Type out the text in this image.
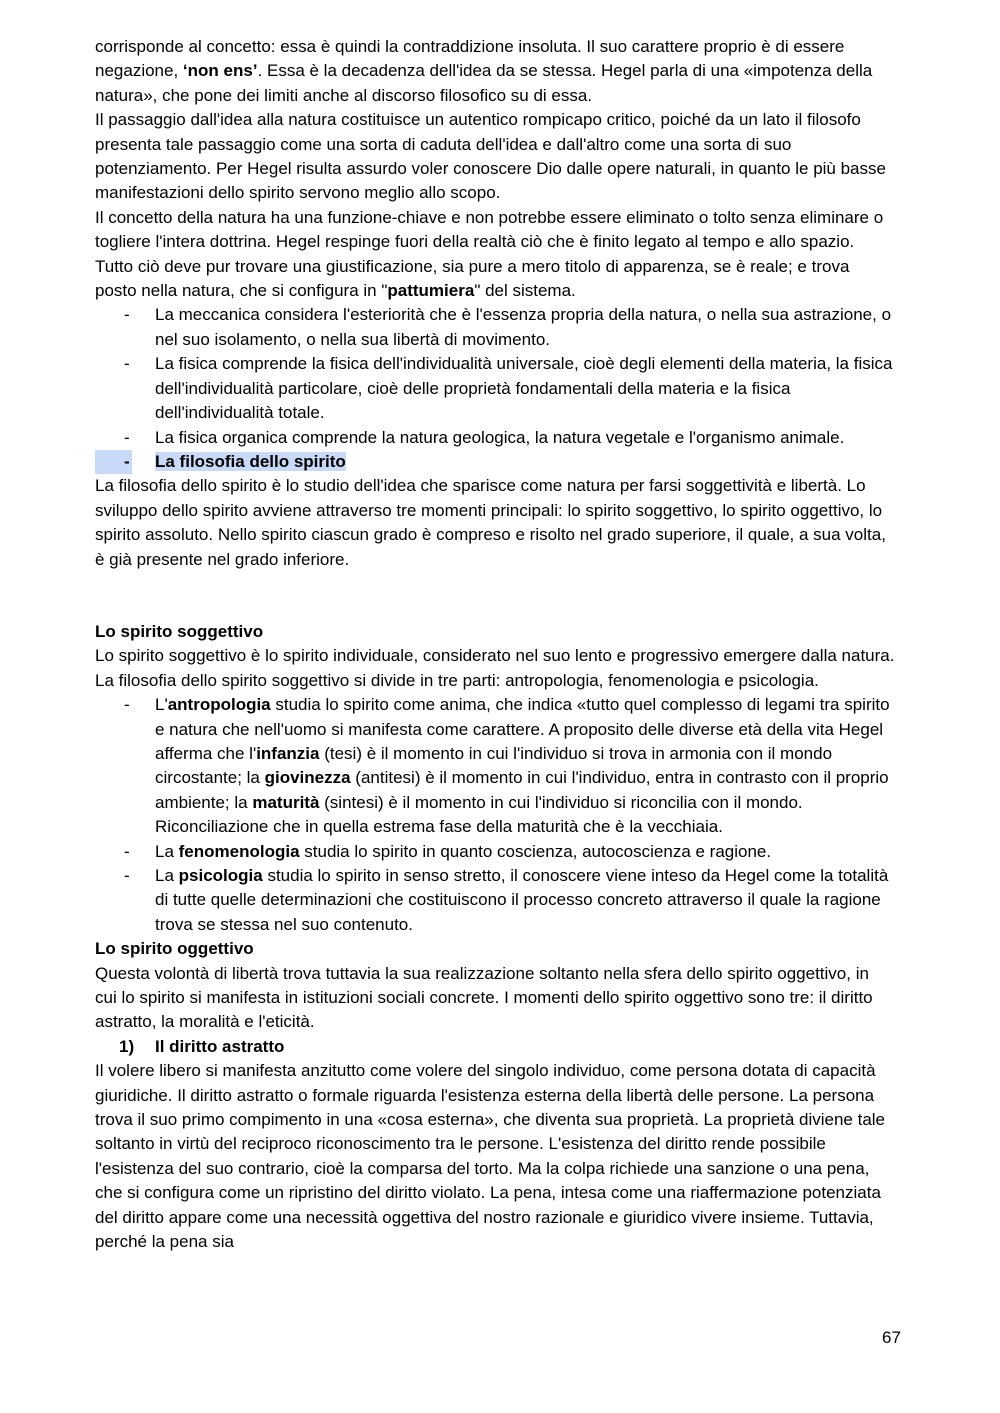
corrisponde al concetto: essa è quindi la contraddizione insoluta. Il suo carattere proprio è di essere negazione, ‘non ens’. Essa è la decadenza dell'idea da se stessa. Hegel parla di una «impotenza della natura», che pone dei limiti anche al discorso filosofico su di essa.

Il passaggio dall'idea alla natura costituisce un autentico rompicapo critico, poiché da un lato il filosofo presenta tale passaggio come una sorta di caduta dell'idea e dall'altro come una sorta di suo potenziamento. Per Hegel risulta assurdo voler conoscere Dio dalle opere naturali, in quanto le più basse manifestazioni dello spirito servono meglio allo scopo.

Il concetto della natura ha una funzione-chiave e non potrebbe essere eliminato o tolto senza eliminare o togliere l'intera dottrina. Hegel respinge fuori della realtà ciò che è finito legato al tempo e allo spazio. Tutto ciò deve pur trovare una giustificazione, sia pure a mero titolo di apparenza, se è reale; e trova posto nella natura, che si configura in "pattumiera" del sistema.

-	La meccanica considera l'esteriorità che è l'essenza propria della natura, o nella sua astrazione, o nel suo isolamento, o nella sua libertà di movimento.
-	La fisica comprende la fisica dell'individualità universale, cioè degli elementi della materia, la fisica dell'individualità particolare, cioè delle proprietà fondamentali della materia e la fisica dell'individualità totale.
-	La fisica organica comprende la natura geologica, la natura vegetale e l'organismo animale.
-	La filosofia dello spirito

La filosofia dello spirito è lo studio dell'idea che sparisce come natura per farsi soggettività e libertà. Lo sviluppo dello spirito avviene attraverso tre momenti principali: lo spirito soggettivo, lo spirito oggettivo, lo spirito assoluto. Nello spirito ciascun grado è compreso e risolto nel grado superiore, il quale, a sua volta, è già presente nel grado inferiore.

Lo spirito soggettivo

Lo spirito soggettivo è lo spirito individuale, considerato nel suo lento e progressivo emergere dalla natura. La filosofia dello spirito soggettivo si divide in tre parti: antropologia, fenomenologia e psicologia.

-	L'antropologia studia lo spirito come anima, che indica «tutto quel complesso di legami tra spirito e natura che nell'uomo si manifesta come carattere. A proposito delle diverse età della vita Hegel afferma che l'infanzia (tesi) è il momento in cui l'individuo si trova in armonia con il mondo circostante; la giovinezza (antitesi) è il momento in cui l'individuo, entra in contrasto con il proprio ambiente; la maturità (sintesi) è il momento in cui l'individuo si riconcilia con il mondo. Riconciliazione che in quella estrema fase della maturità che è la vecchiaia.
-	La fenomenologia studia lo spirito in quanto coscienza, autocoscienza e ragione.
-	La psicologia studia lo spirito in senso stretto, il conoscere viene inteso da Hegel come la totalità di tutte quelle determinazioni che costituiscono il processo concreto attraverso il quale la ragione trova se stessa nel suo contenuto.

Lo spirito oggettivo

Questa volontà di libertà trova tuttavia la sua realizzazione soltanto nella sfera dello spirito oggettivo, in cui lo spirito si manifesta in istituzioni sociali concrete. I momenti dello spirito oggettivo sono tre: il diritto astratto, la moralità e l'eticità.

1)	Il diritto astratto

Il volere libero si manifesta anzitutto come volere del singolo individuo, come persona dotata di capacità giuridiche. Il diritto astratto o formale riguarda l'esistenza esterna della libertà delle persone. La persona trova il suo primo compimento in una «cosa esterna», che diventa sua proprietà. La proprietà diviene tale soltanto in virtù del reciproco riconoscimento tra le persone. L'esistenza del diritto rende possibile l'esistenza del suo contrario, cioè la comparsa del torto. Ma la colpa richiede una sanzione o una pena, che si configura come un ripristino del diritto violato. La pena, intesa come una riaffermazione potenziata del diritto appare come una necessità oggettiva del nostro razionale e giuridico vivere insieme. Tuttavia, perché la pena sia

67
